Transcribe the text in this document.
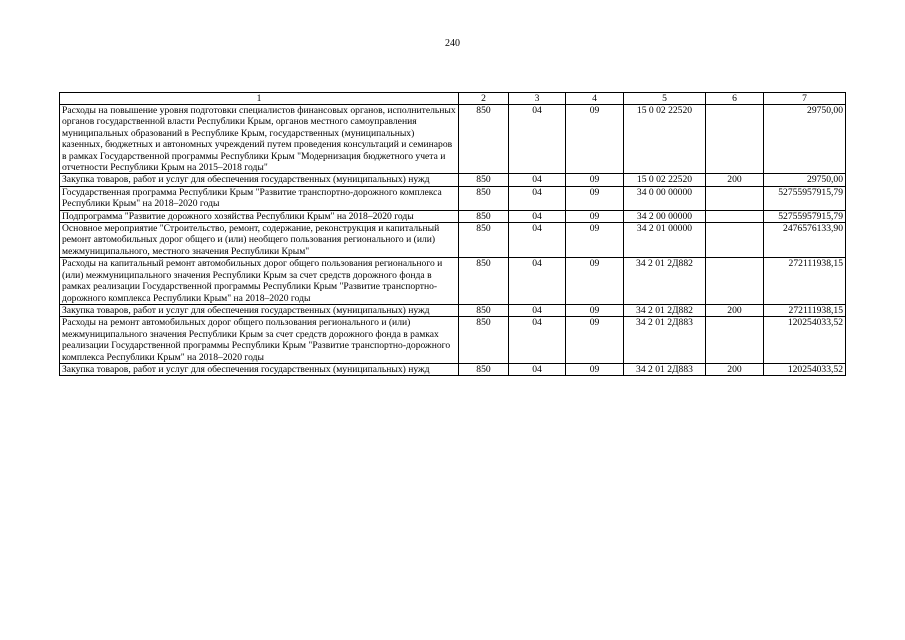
240
1	2	3	4	5	6	7
Расходы на повышение уровня подготовки специалистов финансовых органов, исполнительных органов государственной власти Республики Крым, органов местного самоуправления муниципальных образований в Республике Крым, государственных (муниципальных) казенных, бюджетных и автономных учреждений путем проведения консультаций и семинаров в рамках Государственной программы Республики Крым "Модернизация бюджетного учета и отчетности Республики Крым на 2015–2018 годы"	850	04	09	15 0 02 22520		29750,00
Закупка товаров, работ и услуг для обеспечения государственных (муниципальных) нужд	850	04	09	15 0 02 22520	200	29750,00
Государственная программа Республики Крым "Развитие транспортно-дорожного комплекса Республики Крым" на 2018–2020 годы	850	04	09	34 0 00 00000		52755957915,79
Подпрограмма "Развитие дорожного хозяйства Республики Крым" на 2018–2020 годы	850	04	09	34 2 00 00000		52755957915,79
Основное мероприятие "Строительство, ремонт, содержание, реконструкция и капитальный ремонт автомобильных дорог общего и (или) необщего пользования регионального и (или) межмуниципального, местного значения Республики Крым"	850	04	09	34 2 01 00000		2476576133,90
Расходы на капитальный ремонт автомобильных дорог общего пользования регионального и (или) межмуниципального значения Республики Крым за счет средств дорожного фонда в рамках реализации Государственной программы Республики Крым "Развитие транспортно-дорожного комплекса Республики Крым" на 2018–2020 годы	850	04	09	34 2 01 2Д882		272111938,15
Закупка товаров, работ и услуг для обеспечения государственных (муниципальных) нужд	850	04	09	34 2 01 2Д882	200	272111938,15
Расходы на ремонт автомобильных дорог общего пользования регионального и (или) межмуниципального значения Республики Крым за счет средств дорожного фонда в рамках реализации Государственной программы Республики Крым "Развитие транспортно-дорожного комплекса Республики Крым" на 2018–2020 годы	850	04	09	34 2 01 2Д883		120254033,52
Закупка товаров, работ и услуг для обеспечения государственных (муниципальных) нужд	850	04	09	34 2 01 2Д883	200	120254033,52
